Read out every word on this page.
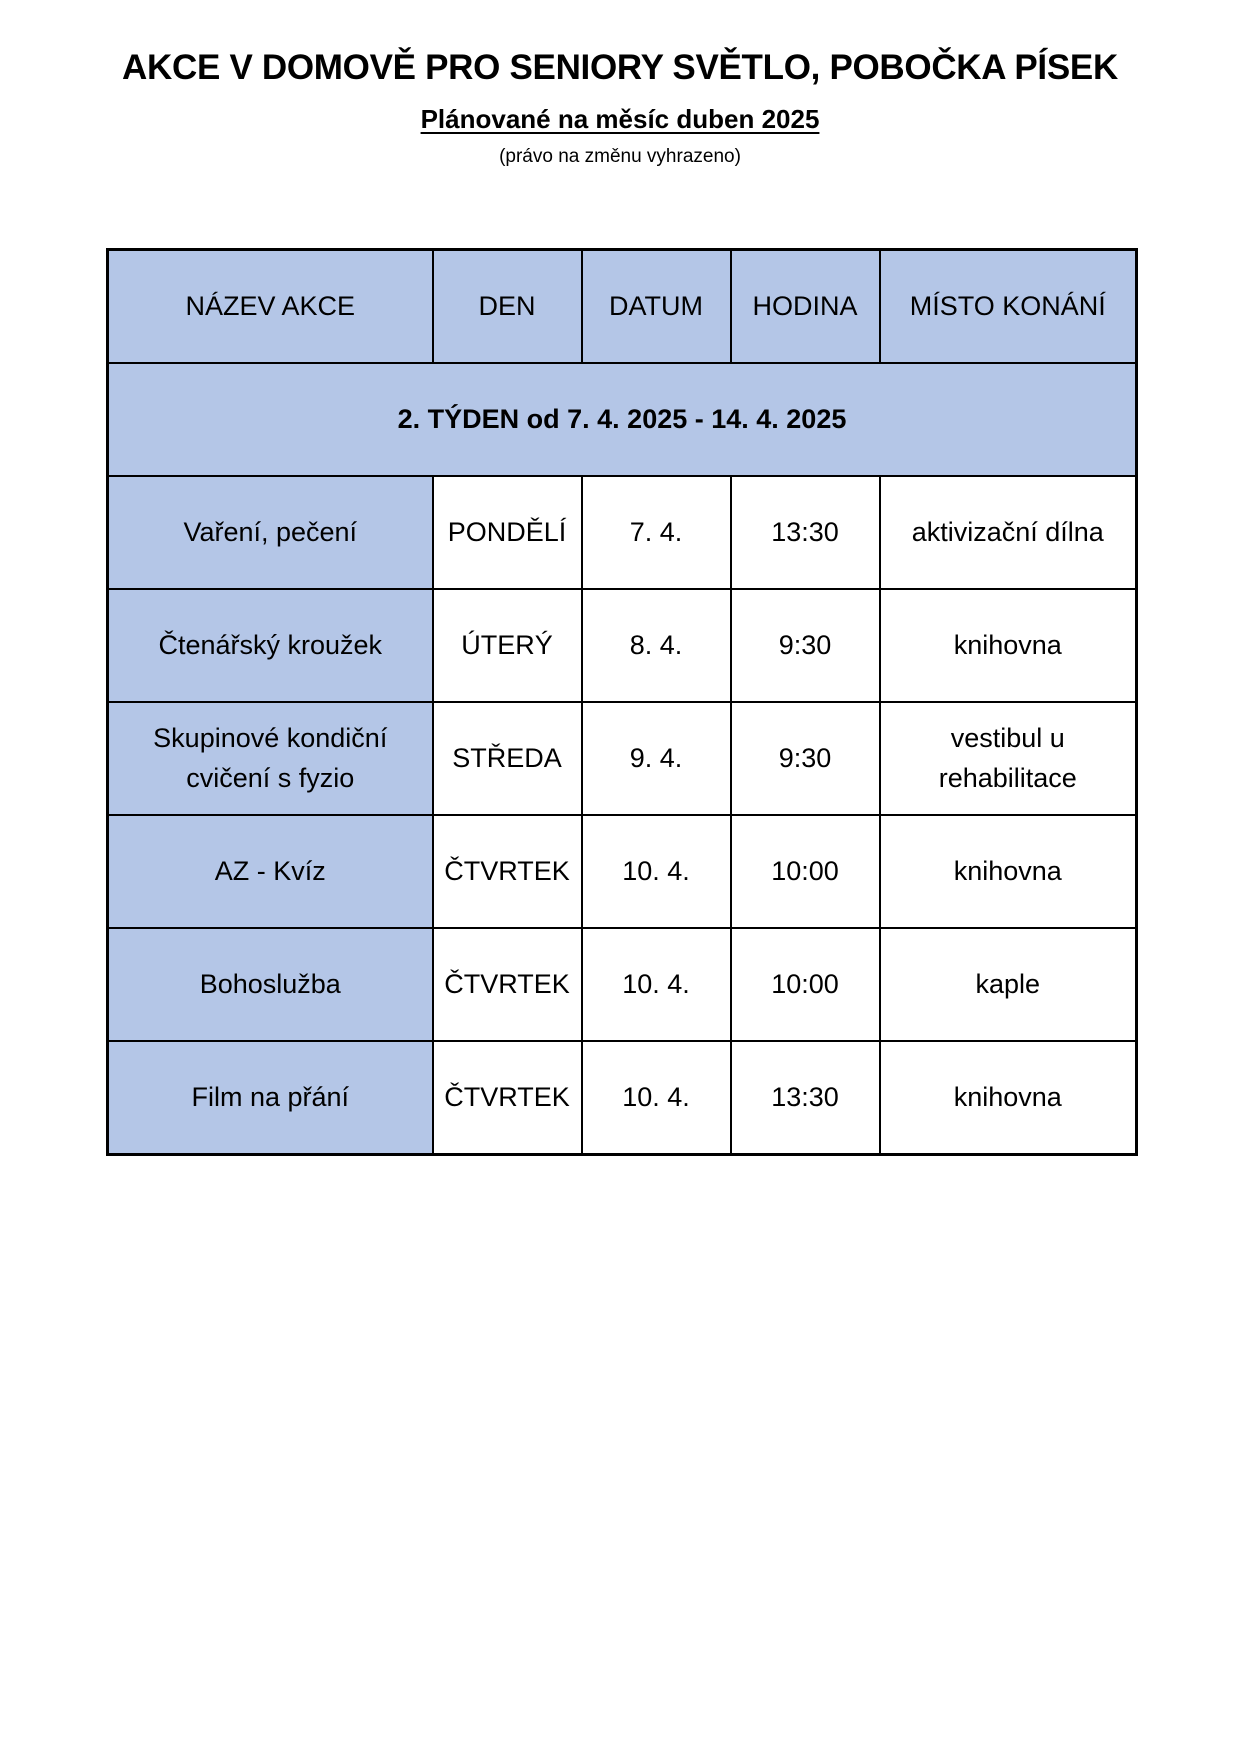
AKCE V DOMOVĚ PRO SENIORY SVĚTLO, POBOČKA PÍSEK
Plánované na měsíc duben 2025
(právo na změnu vyhrazeno)
NÁZEV AKCE	DEN	DATUM	HODINA	MÍSTO KONÁNÍ
2. TÝDEN od 7. 4. 2025 - 14. 4. 2025				
Vaření, pečení	PONDĚLÍ	7. 4.	13:30	aktivizační dílna
Čtenářský kroužek	ÚTERÝ	8. 4.	9:30	knihovna
Skupinové kondiční cvičení s fyzio	STŘEDA	9. 4.	9:30	vestibul u rehabilitace
AZ - Kvíz	ČTVRTEK	10. 4.	10:00	knihovna
Bohoslužba	ČTVRTEK	10. 4.	10:00	kaple
Film na přání	ČTVRTEK	10. 4.	13:30	knihovna
